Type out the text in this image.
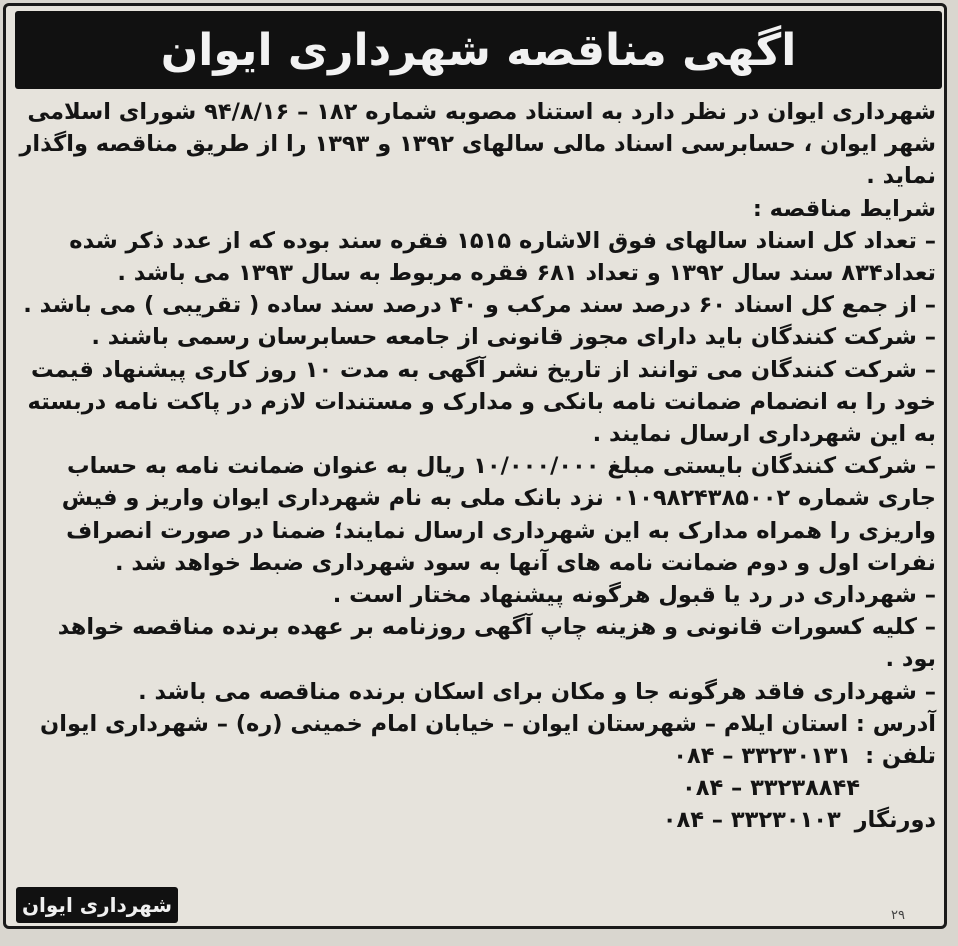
اگهی مناقصه شهرداری ایوان

شهرداری ایوان در نظر دارد به استناد مصوبه شماره ۱۸۲ – ۹۴/۸/۱۶ شورای اسلامی شهر ایوان ، حسابرسی اسناد مالی سالهای ۱۳۹۲ و ۱۳۹۳ را از طریق مناقصه واگذار نماید .

شرایط مناقصه :

– تعداد کل اسناد سالهای فوق الاشاره ۱۵۱۵ فقره سند بوده که از عدد ذکر شده تعداد۸۳۴ سند سال ۱۳۹۲ و تعداد ۶۸۱ فقره مربوط به سال ۱۳۹۳ می باشد .

– از جمع کل اسناد ۶۰ درصد سند مرکب و ۴۰ درصد سند ساده ( تقریبی ) می باشد .

– شرکت کنندگان باید دارای مجوز قانونی از جامعه حسابرسان رسمی باشند .

– شرکت کنندگان می توانند از تاریخ نشر آگهی به مدت ۱۰ روز کاری پیشنهاد قیمت خود را به انضمام ضمانت نامه بانکی و مدارک و مستندات لازم در پاکت نامه دربسته به این شهرداری ارسال نمایند .

– شرکت کنندگان بایستی مبلغ ۱۰/۰۰۰/۰۰۰ ریال به عنوان ضمانت نامه به حساب جاری شماره ۰۱۰۹۸۲۴۳۸۵۰۰۲ نزد بانک ملی به نام شهرداری ایوان واریز و فیش واریزی را همراه مدارک به این شهرداری ارسال نمایند؛ ضمنا در صورت انصراف نفرات اول و دوم ضمانت نامه های آنها به سود شهرداری ضبط خواهد شد .

– شهرداری در رد یا قبول هرگونه پیشنهاد مختار است .

– کلیه کسورات قانونی و هزینه چاپ آگهی روزنامه بر عهده برنده مناقصه خواهد بود .

– شهرداری فاقد هرگونه جا و مکان برای اسکان برنده مناقصه می باشد .

آدرس : استان ایلام – شهرستان ایوان – خیابان امام خمینی (ره) – شهرداری ایوان

تلفن : ۰۸۴ – ۳۳۲۳۰۱۳۱
۰۸۴ – ۳۳۲۳۸۸۴۴
دورنگار ۰۸۴ – ۳۳۲۳۰۱۰۳
شهرداری ایوان	۲۹
